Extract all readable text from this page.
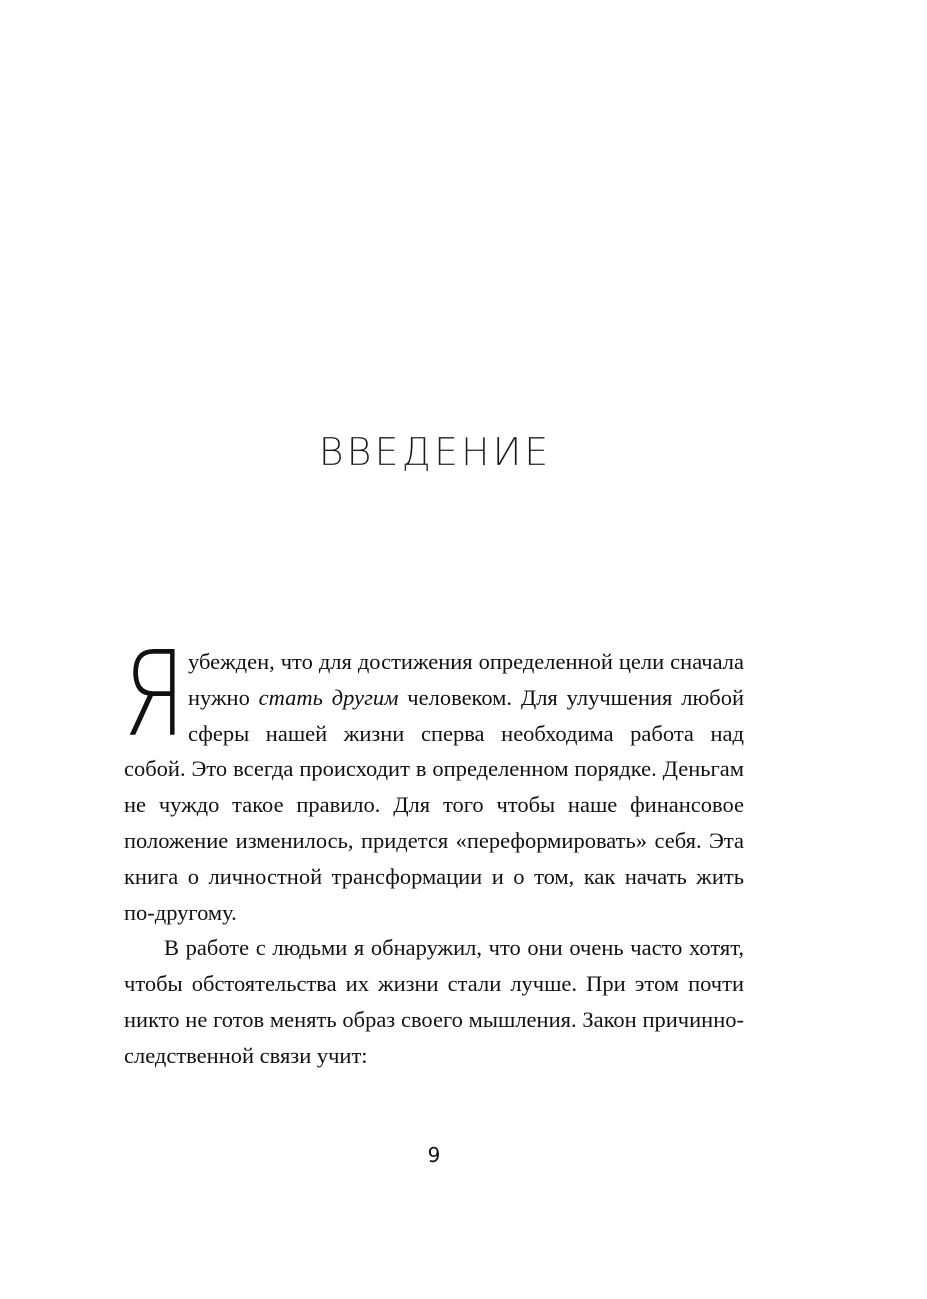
ВВЕДЕНИЕ

Я убежден, что для достижения определенной цели сначала нужно стать другим человеком. Для улучшения любой сферы нашей жизни сперва необходима работа над собой. Это всегда происходит в определенном порядке. Деньгам не чуждо такое правило. Для того чтобы наше финансовое положение изменилось, придется «переформировать» себя. Эта книга о личностной трансформации и о том, как начать жить по-другому.

В работе с людьми я обнаружил, что они очень часто хотят, чтобы обстоятельства их жизни стали лучше. При этом почти никто не готов менять образ своего мышления. Закон причинно-следственной связи учит:

9
